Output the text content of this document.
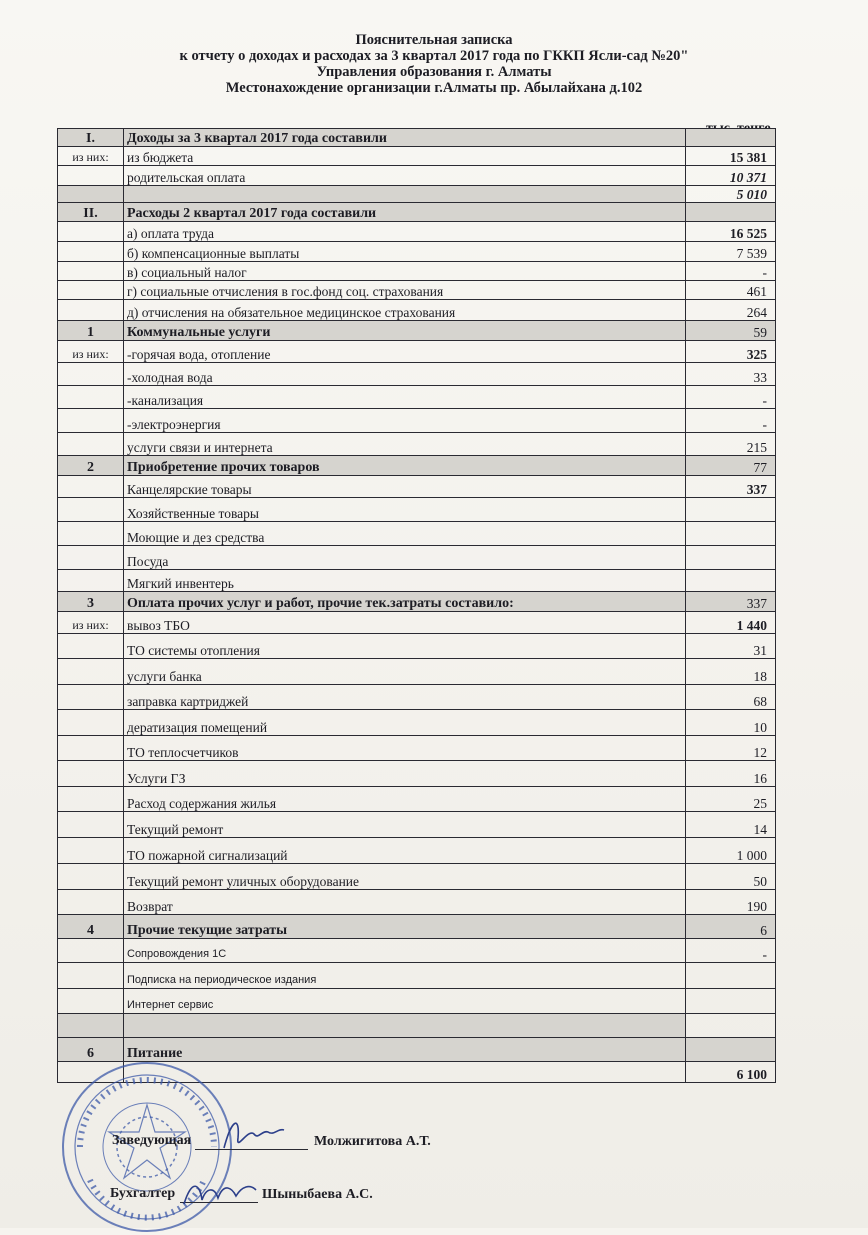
Пояснительная записка
к отчету о доходах и расходах за 3 квартал 2017 года по ГККП Ясли-сад №20"
Управления образования г. Алматы
Местонахождение организации г.Алматы пр. Абылайхана д.102
I.	Доходы за 3 квартал 2017 года составили	
из них:	из бюджета	15 381
	родительская оплата	10 371
		5 010
II.	Расходы 2 квартал 2017 года составили	
	а) оплата труда	16 525
	б) компенсационные выплаты	7 539
	в) социальный налог	-
	г) социальные отчисления в гос.фонд соц. страхования	461
	д) отчисления на обязательное медицинское страхования	264
1	Коммунальные услуги	59
из них:	-горячая вода, отопление	325
	-холодная вода	33
	-канализация	-
	-электроэнергия	-
	услуги связи и интернета	215
2	Приобретение прочих товаров	77
	Канцелярские товары	337
	Хозяйственные товары	
	Моющие и дез средства	
	Посуда	
	Мягкий инвентерь	
3	Оплата прочих услуг и работ, прочие тек.затраты составило:	337
из них:	вывоз ТБО	1 440
	ТО системы отопления	31
	услуги банка	18
	заправка картриджей	68
	дератизация помещений	10
	ТО теплосчетчиков	12
	Услуги ГЗ	16
	Расход содержания жилья	25
	Текущий ремонт	14
	ТО пожарной сигнализаций	1 000
	Текущий ремонт уличных оборудование	50
	Возврат	190
4	Прочие текущие затраты	6
	Сопровождения 1С	-
	Подписка на периодическое издания	
	Интернет сервис	

6	Питание	
		6 100
Заведующая	Молжигитова А.Т.
Бухгалтер	Шыныбаева А.С.
